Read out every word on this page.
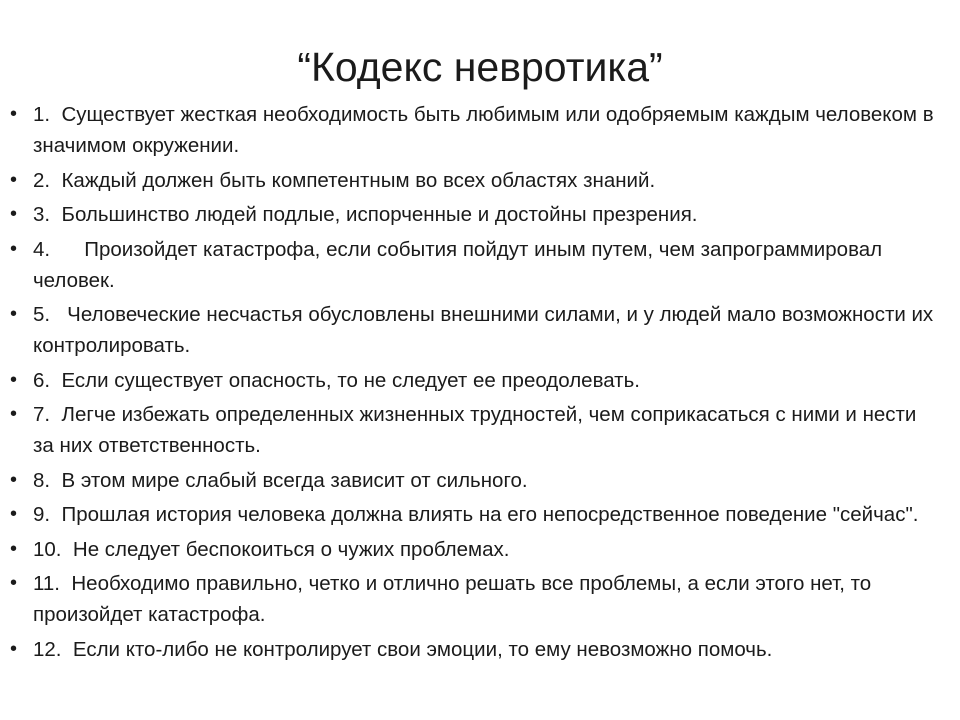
“Кодекс невротика”
• 1.  Существует жесткая необходимость быть любимым или одобряемым каждым человеком в значимом окружении.
• 2.  Каждый должен быть компетентным во всех областях знаний.
• 3.  Большинство людей подлые, испорченные и достойны презрения.
• 4.      Произойдет катастрофа, если события пойдут иным путем, чем запрограммировал человек.
• 5.   Человеческие несчастья обусловлены внешними силами, и у людей мало возможности их контролировать.
• 6.  Если существует опасность, то не следует ее преодолевать.
• 7.  Легче избежать определенных жизненных трудностей, чем соприкасаться с ними и нести за них ответственность.
• 8.  В этом мире слабый всегда зависит от сильного.
• 9.  Прошлая история человека должна влиять на его непосредственное поведение "сейчас".
• 10.  Не следует беспокоиться о чужих проблемах.
• 11.  Необходимо правильно, четко и отлично решать все проблемы, а если этого нет, то произойдет катастрофа.
• 12.  Если кто-либо не контролирует свои эмоции, то ему невозможно помочь.
